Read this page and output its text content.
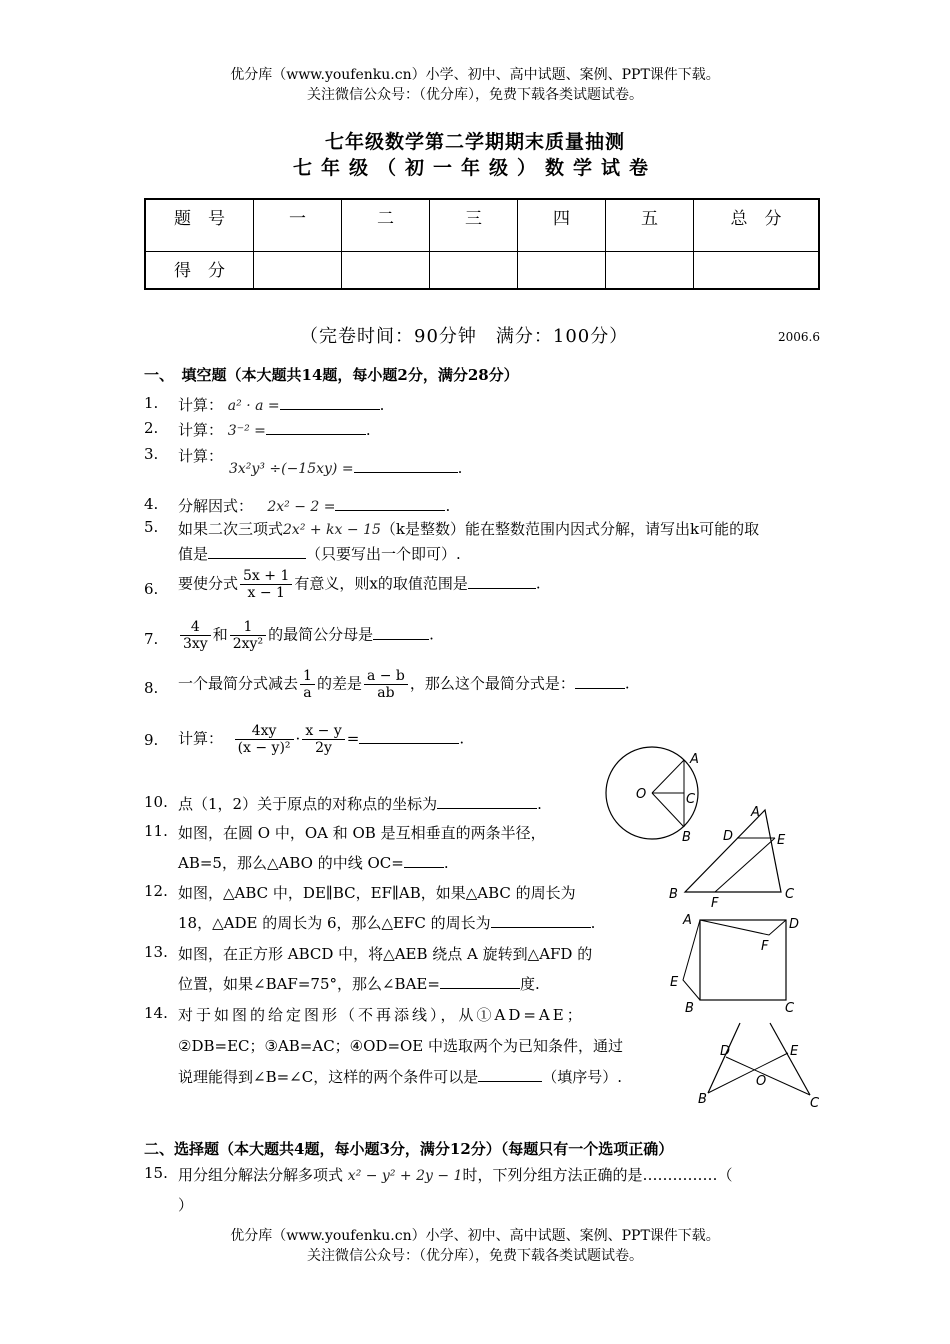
优分库（www.youfenku.cn）小学、初中、高中试题、案例、PPT课件下载。
关注微信公众号：（优分库），免费下载各类试题试卷。
七年级数学第二学期期末质量抽测
七年级（初一年级）数学试卷
题　号	一	二	三	四	五	总　分
得　分						
（完卷时间：90分钟　满分：100分）	2006.6
一、　填空题（本大题共14题，每小题2分，满分28分）
1. 计算： a² · a =	.
2. 计算： 3⁻² =	.
3. 计算：
3x²y³ ÷(−15xy) =	.
4. 分解因式： 2x² − 2 =	.
5. 如果二次三项式2x² + kx − 15（k是整数）能在整数范围内因式分解，请写出k可能的取
值是	（只要写出一个即可）.
6. 要使分式 $\frac{5x + 1}{x - 1}$ 有意义，则x的取值范围是	.
7. $\frac{4}{3xy}$ 和 $\frac{1}{\text{2xy²}}$ 的最简公分母是	.
8. 一个最简分式减去 $\frac{1}{a}$ 的差是 $\frac{a - b}{ab}$ ，那么这个最简分式是：	.
9. 计算： $\frac{4xy}{\text{(x − y)²}} \cdot \frac{x - y}{2y}$ =	.
10. 点（1，2）关于原点的对称点的坐标为	.
11. 如图，在圆 O 中，OA 和 OB 是互相垂直的两条半径，
AB=5，那么△ABO 的中线 OC=	.
12. 如图，△ABC 中，DE∥BC，EF∥AB，如果△ABC 的周长为
18，△ADE 的周长为 6，那么△EFC 的周长为	.
13. 如图，在正方形 ABCD 中，将△AEB 绕点 A 旋转到△AFD 的
位置，如果∠BAF=75°，那么∠BAE=	度.
14. 对于如图的给定图形（不再添线），从①AD=AE；
②DB=EC；③AB=AC；④OD=OE 中选取两个为已知条件，通过
说理能得到∠B=∠C，这样的两个条件可以是	（填序号）.
二、选择题（本大题共4题，每小题3分，满分12分）（每题只有一个选项正确）
15. 用分组分解法分解多项式 x² − y² + 2y − 1时，下列分组方法正确的是……………（
）
优分库（www.youfenku.cn）小学、初中、高中试题、案例、PPT课件下载。
关注微信公众号：（优分库），免费下载各类试题试卷。
A
O	C
B
A
D	E
B
F
C
A	D
F
E
B	C
D	E
O
B	C
